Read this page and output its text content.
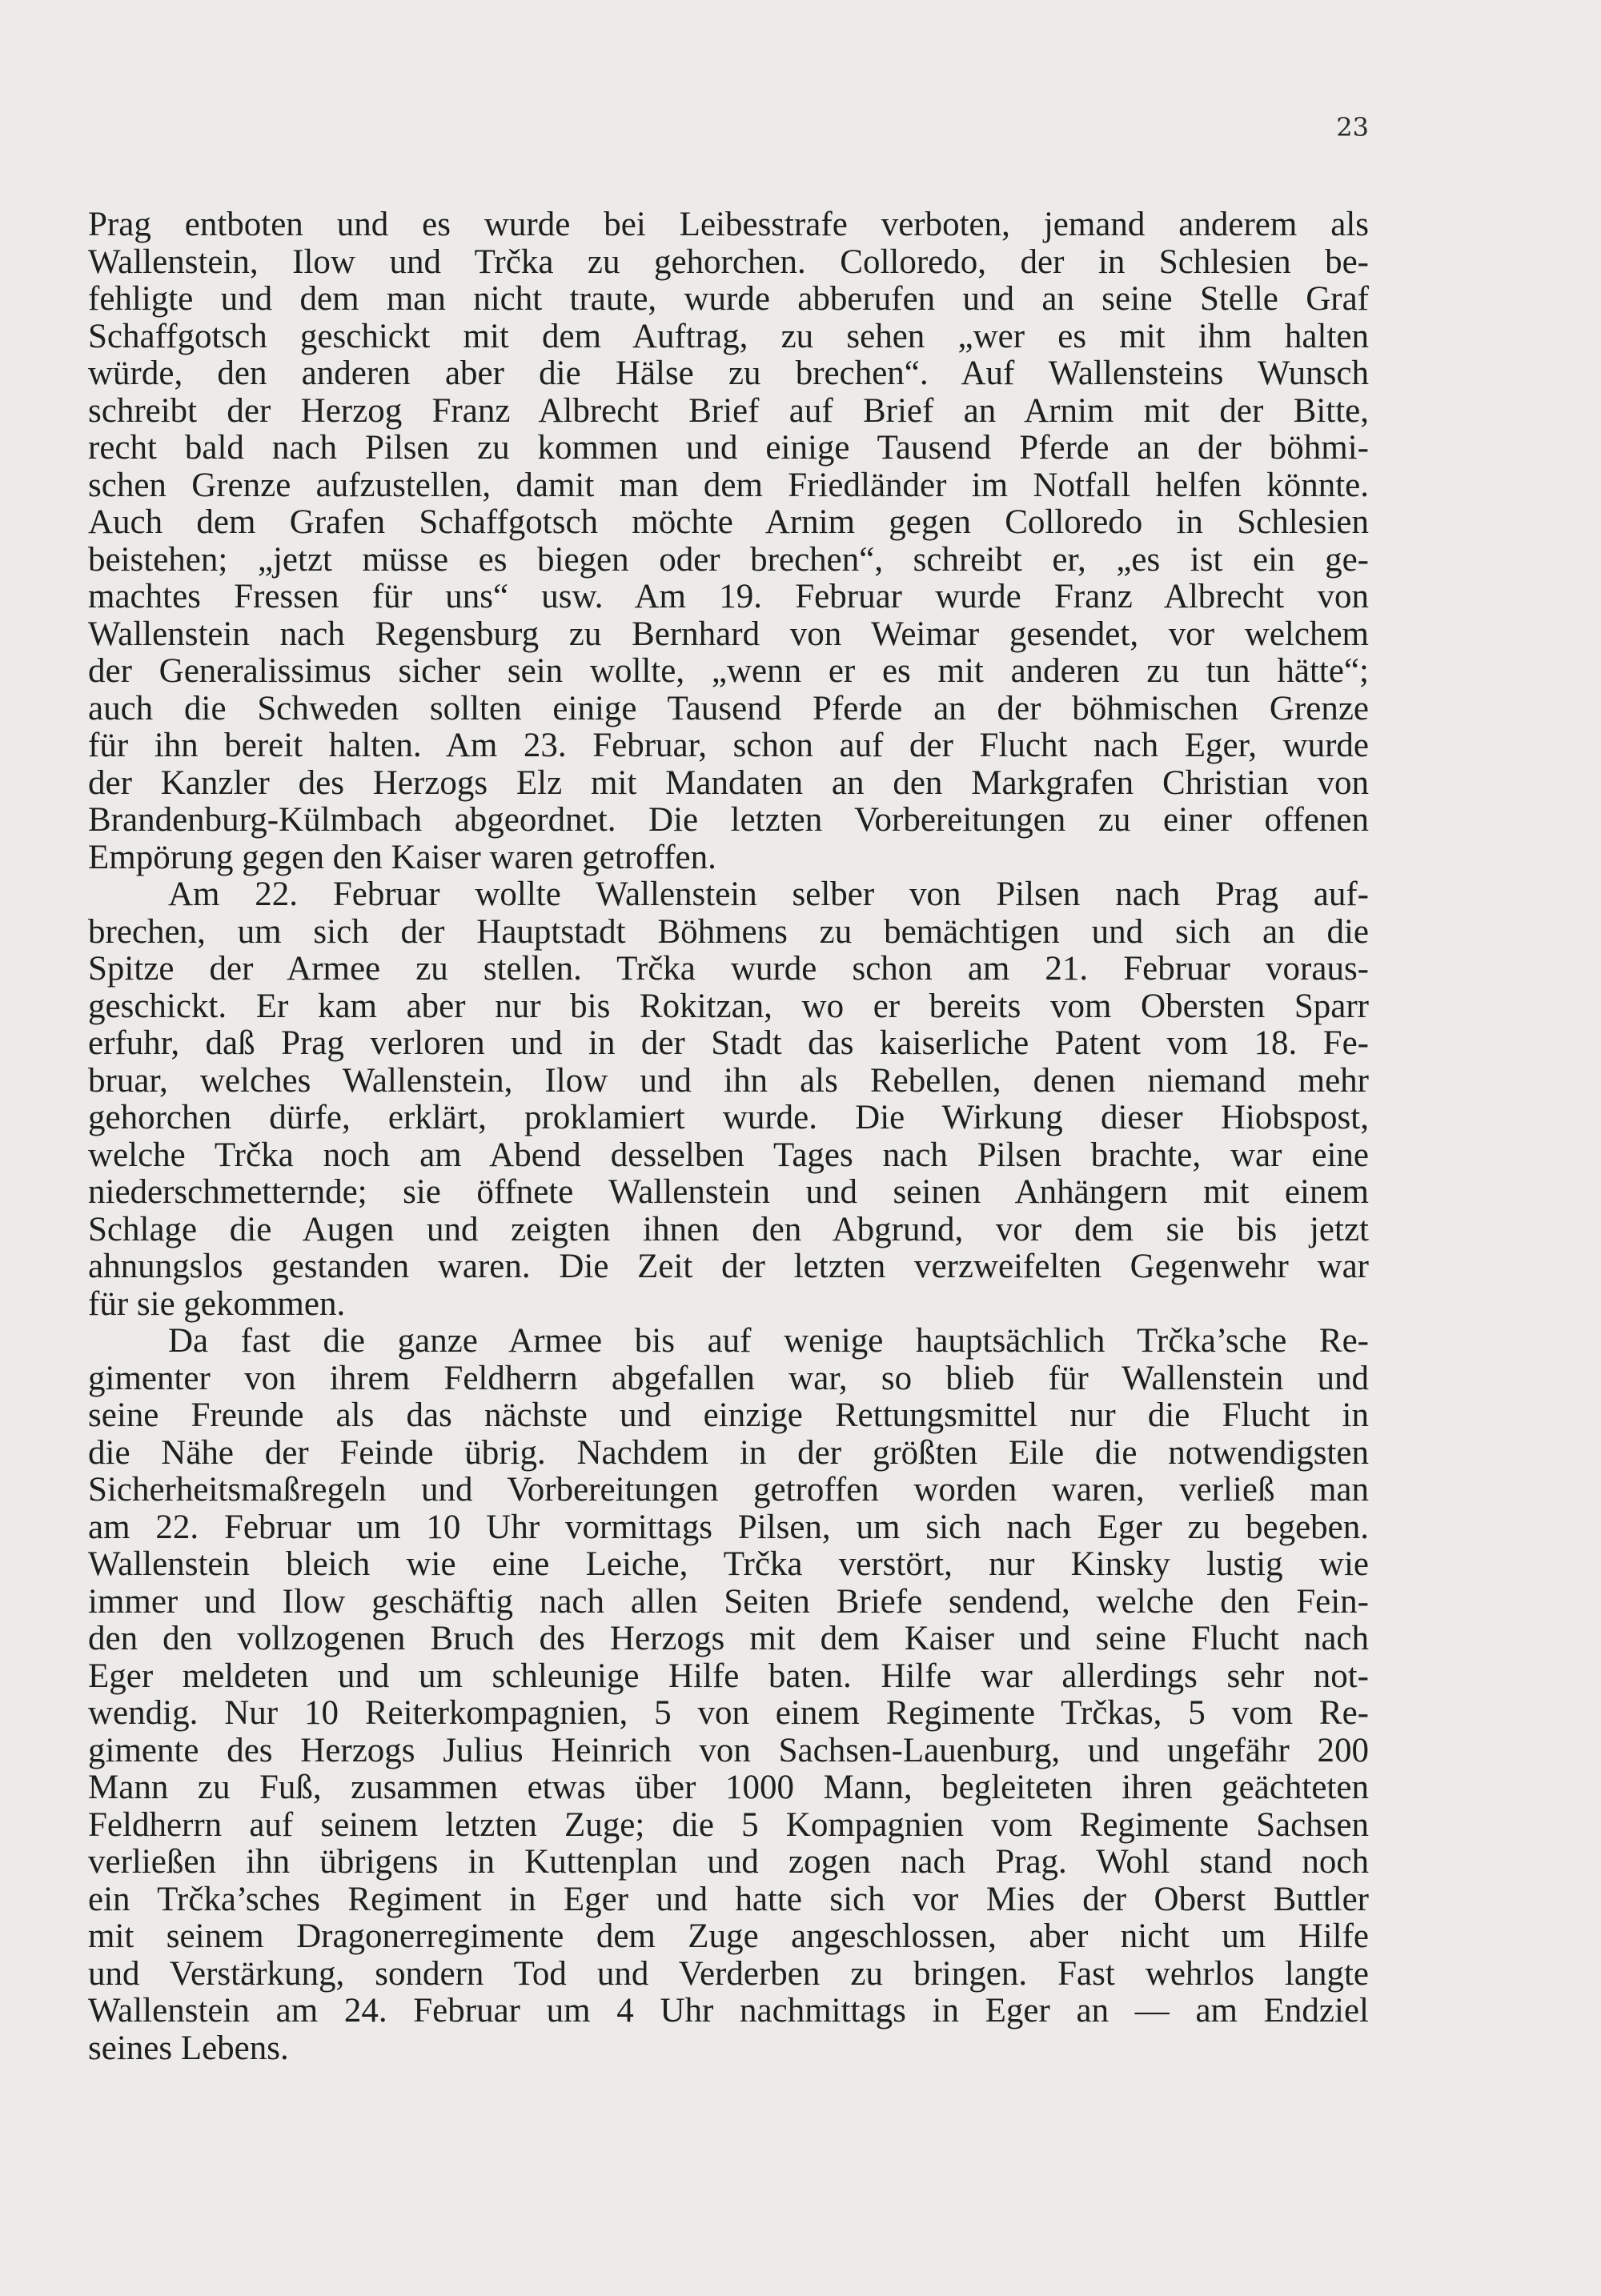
23
Prag entboten und es wurde bei Leibesstrafe verboten, jemand anderem als
Wallenstein, Ilow und Trčka zu gehorchen. Colloredo, der in Schlesien be-
fehligte und dem man nicht traute, wurde abberufen und an seine Stelle Graf
Schaffgotsch geschickt mit dem Auftrag, zu sehen „wer es mit ihm halten
würde, den anderen aber die Hälse zu brechen“. Auf Wallensteins Wunsch
schreibt der Herzog Franz Albrecht Brief auf Brief an Arnim mit der Bitte,
recht bald nach Pilsen zu kommen und einige Tausend Pferde an der böhmi-
schen Grenze aufzustellen, damit man dem Friedländer im Notfall helfen könnte.
Auch dem Grafen Schaffgotsch möchte Arnim gegen Colloredo in Schlesien
beistehen; „jetzt müsse es biegen oder brechen“, schreibt er, „es ist ein ge-
machtes Fressen für uns“ usw. Am 19. Februar wurde Franz Albrecht von
Wallenstein nach Regensburg zu Bernhard von Weimar gesendet, vor welchem
der Generalissimus sicher sein wollte, „wenn er es mit anderen zu tun hätte“;
auch die Schweden sollten einige Tausend Pferde an der böhmischen Grenze
für ihn bereit halten. Am 23. Februar, schon auf der Flucht nach Eger, wurde
der Kanzler des Herzogs Elz mit Mandaten an den Markgrafen Christian von
Brandenburg-Külmbach abgeordnet. Die letzten Vorbereitungen zu einer offenen
Empörung gegen den Kaiser waren getroffen.
Am 22. Februar wollte Wallenstein selber von Pilsen nach Prag auf-
brechen, um sich der Hauptstadt Böhmens zu bemächtigen und sich an die
Spitze der Armee zu stellen. Trčka wurde schon am 21. Februar voraus-
geschickt. Er kam aber nur bis Rokitzan, wo er bereits vom Obersten Sparr
erfuhr, daß Prag verloren und in der Stadt das kaiserliche Patent vom 18. Fe-
bruar, welches Wallenstein, Ilow und ihn als Rebellen, denen niemand mehr
gehorchen dürfe, erklärt, proklamiert wurde. Die Wirkung dieser Hiobspost,
welche Trčka noch am Abend desselben Tages nach Pilsen brachte, war eine
niederschmetternde; sie öffnete Wallenstein und seinen Anhängern mit einem
Schlage die Augen und zeigten ihnen den Abgrund, vor dem sie bis jetzt
ahnungslos gestanden waren. Die Zeit der letzten verzweifelten Gegenwehr war
für sie gekommen.
Da fast die ganze Armee bis auf wenige hauptsächlich Trčka’sche Re-
gimenter von ihrem Feldherrn abgefallen war, so blieb für Wallenstein und
seine Freunde als das nächste und einzige Rettungsmittel nur die Flucht in
die Nähe der Feinde übrig. Nachdem in der größten Eile die notwendigsten
Sicherheitsmaßregeln und Vorbereitungen getroffen worden waren, verließ man
am 22. Februar um 10 Uhr vormittags Pilsen, um sich nach Eger zu begeben.
Wallenstein bleich wie eine Leiche, Trčka verstört, nur Kinsky lustig wie
immer und Ilow geschäftig nach allen Seiten Briefe sendend, welche den Fein-
den den vollzogenen Bruch des Herzogs mit dem Kaiser und seine Flucht nach
Eger meldeten und um schleunige Hilfe baten. Hilfe war allerdings sehr not-
wendig. Nur 10 Reiterkompagnien, 5 von einem Regimente Trčkas, 5 vom Re-
gimente des Herzogs Julius Heinrich von Sachsen-Lauenburg, und ungefähr 200
Mann zu Fuß, zusammen etwas über 1000 Mann, begleiteten ihren geächteten
Feldherrn auf seinem letzten Zuge; die 5 Kompagnien vom Regimente Sachsen
verließen ihn übrigens in Kuttenplan und zogen nach Prag. Wohl stand noch
ein Trčka’sches Regiment in Eger und hatte sich vor Mies der Oberst Buttler
mit seinem Dragonerregimente dem Zuge angeschlossen, aber nicht um Hilfe
und Verstärkung, sondern Tod und Verderben zu bringen. Fast wehrlos langte
Wallenstein am 24. Februar um 4 Uhr nachmittags in Eger an — am Endziel
seines Lebens.
